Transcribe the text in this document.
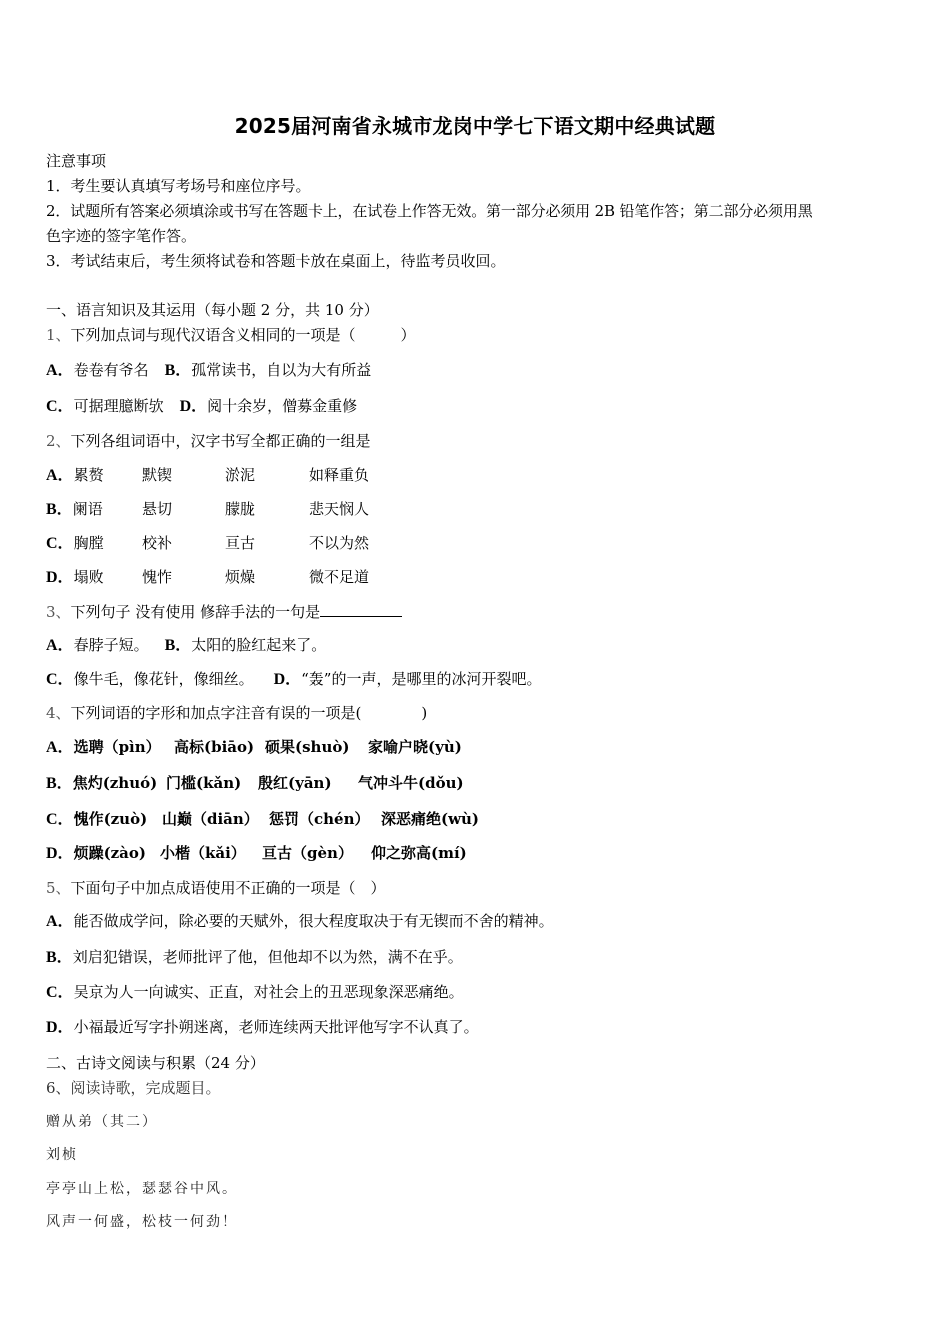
2025届河南省永城市龙岗中学七下语文期中经典试题
注意事项
1．考生要认真填写考场号和座位序号。
2．试题所有答案必须填涂或书写在答题卡上，在试卷上作答无效。第一部分必须用 2B 铅笔作答；第二部分必须用黑
色字迹的签字笔作答。
3．考试结束后，考生须将试卷和答题卡放在桌面上，待监考员收回。
一、语言知识及其运用（每小题 2 分，共 10 分）
1、下列加点词与现代汉语含义相同的一项是（　　　）
A．卷卷有爷名 B．孤常读书，自以为大有所益
C．可据理臆断欤 D．阅十余岁，僧募金重修
2、下列各组词语中，汉字书写全都正确的一组是
A．累赘	默锲	淤泥	如释重负
B．阑语	悬切	朦胧	悲天悯人
C．胸膛	校补	亘古	不以为然
D．塌败	愧怍	烦燥	微不足道
3、下列句子 没有使用 修辞手法的一句是
A．春脖子短。 B．太阳的脸红起来了。
C．像牛毛，像花针，像细丝。 D．“轰”的一声，是哪里的冰河开裂吧。
4、下列词语的字形和加点字注音有误的一项是(　　　　)
A．选聘（pìn） 高标(biāo) 硕果(shuò) 家喻户晓(yù)
B．焦灼(zhuó) 门槛(kǎn) 殷红(yān) 气冲斗牛(dǒu)
C．愧作(zuò) 山巅（diān） 惩罚（chén） 深恶痛绝(wù)
D．烦躁(zào) 小楷（kǎi） 亘古（gèn） 仰之弥高(mí)
5、下面句子中加点成语使用不正确的一项是（　）
A．能否做成学问，除必要的天赋外，很大程度取决于有无锲而不舍的精神。
B．刘启犯错误，老师批评了他，但他却不以为然，满不在乎。
C．吴京为人一向诚实、正直，对社会上的丑恶现象深恶痛绝。
D．小福最近写字扑朔迷离，老师连续两天批评他写字不认真了。
二、古诗文阅读与积累（24 分）
6、阅读诗歌，完成题目。
赠从弟（其二）
刘桢
亭亭山上松，瑟瑟谷中风。
风声一何盛，松枝一何劲！
